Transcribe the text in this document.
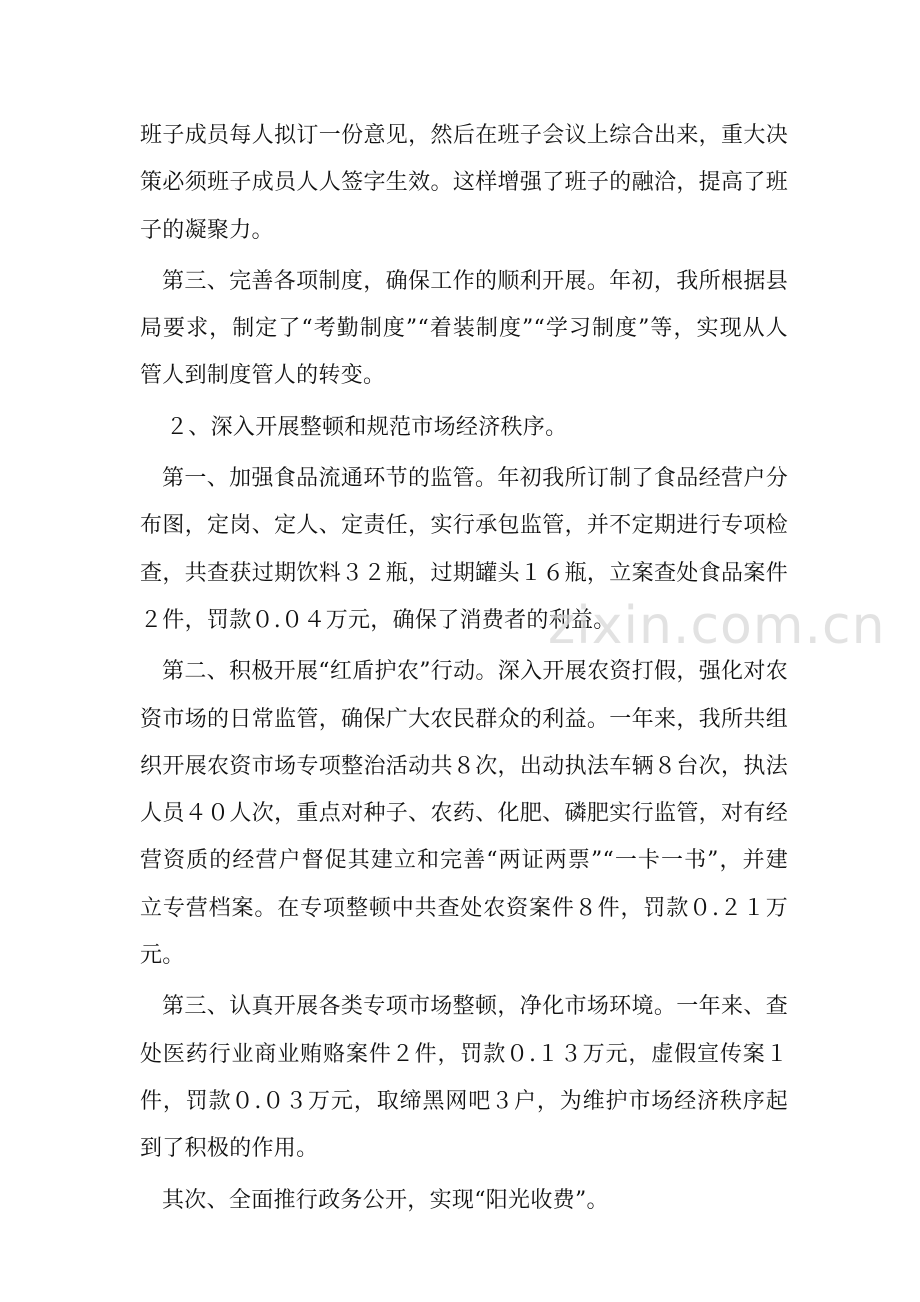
班子成员每人拟订一份意见，然后在班子会议上综合出来，重大决策必须班子成员人人签字生效。这样增强了班子的融洽，提高了班子的凝聚力。

第三、完善各项制度，确保工作的顺利开展。年初，我所根据县局要求，制定了“考勤制度”“着装制度”“学习制度”等，实现从人管人到制度管人的转变。

２、深入开展整顿和规范市场经济秩序。

第一、加强食品流通环节的监管。年初我所订制了食品经营户分布图，定岗、定人、定责任，实行承包监管，并不定期进行专项检查，共查获过期饮料３２瓶，过期罐头１６瓶，立案查处食品案件２件，罚款０.０４万元，确保了消费者的利益。

第二、积极开展“红盾护农”行动。深入开展农资打假，强化对农资市场的日常监管，确保广大农民群众的利益。一年来，我所共组织开展农资市场专项整治活动共８次，出动执法车辆８台次，执法人员４０人次，重点对种子、农药、化肥、磷肥实行监管，对有经营资质的经营户督促其建立和完善“两证两票”“一卡一书”，并建立专营档案。在专项整顿中共查处农资案件８件，罚款０.２１万元。

第三、认真开展各类专项市场整顿，净化市场环境。一年来、查处医药行业商业贿赂案件２件，罚款０.１３万元，虚假宣传案１件，罚款０.０３万元，取缔黑网吧３户，为维护市场经济秩序起到了积极的作用。

其次、全面推行政务公开，实现“阳光收费”。

zixin.com.cn
